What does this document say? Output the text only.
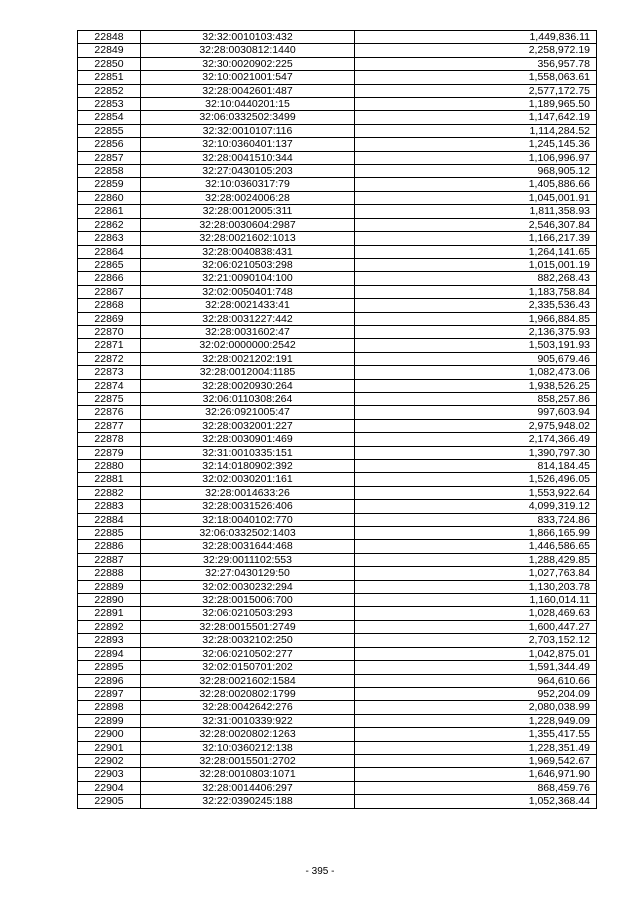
22848	32:32:0010103:432	1,449,836.11
22849	32:28:0030812:1440	2,258,972.19
22850	32:30:0020902:225	356,957.78
22851	32:10:0021001:547	1,558,063.61
22852	32:28:0042601:487	2,577,172.75
22853	32:10:0440201:15	1,189,965.50
22854	32:06:0332502:3499	1,147,642.19
22855	32:32:0010107:116	1,114,284.52
22856	32:10:0360401:137	1,245,145.36
22857	32:28:0041510:344	1,106,996.97
22858	32:27:0430105:203	968,905.12
22859	32:10:0360317:79	1,405,886.66
22860	32:28:0024006:28	1,045,001.91
22861	32:28:0012005:311	1,811,358.93
22862	32:28:0030604:2987	2,546,307.84
22863	32:28:0021602:1013	1,166,217.39
22864	32:28:0040838:431	1,264,141.65
22865	32:06:0210503:298	1,015,001.19
22866	32:21:0090104:100	882,268.43
22867	32:02:0050401:748	1,183,758.84
22868	32:28:0021433:41	2,335,536.43
22869	32:28:0031227:442	1,966,884.85
22870	32:28:0031602:47	2,136,375.93
22871	32:02:0000000:2542	1,503,191.93
22872	32:28:0021202:191	905,679.46
22873	32:28:0012004:1185	1,082,473.06
22874	32:28:0020930:264	1,938,526.25
22875	32:06:0110308:264	858,257.86
22876	32:26:0921005:47	997,603.94
22877	32:28:0032001:227	2,975,948.02
22878	32:28:0030901:469	2,174,366.49
22879	32:31:0010335:151	1,390,797.30
22880	32:14:0180902:392	814,184.45
22881	32:02:0030201:161	1,526,496.05
22882	32:28:0014633:26	1,553,922.64
22883	32:28:0031526:406	4,099,319.12
22884	32:18:0040102:770	833,724.86
22885	32:06:0332502:1403	1,866,165.99
22886	32:28:0031644:468	1,446,586.65
22887	32:29:0011102:553	1,288,429.85
22888	32:27:0430129:50	1,027,763.84
22889	32:02:0030232:294	1,130,203.78
22890	32:28:0015006:700	1,160,014.11
22891	32:06:0210503:293	1,028,469.63
22892	32:28:0015501:2749	1,600,447.27
22893	32:28:0032102:250	2,703,152.12
22894	32:06:0210502:277	1,042,875.01
22895	32:02:0150701:202	1,591,344.49
22896	32:28:0021602:1584	964,610.66
22897	32:28:0020802:1799	952,204.09
22898	32:28:0042642:276	2,080,038.99
22899	32:31:0010339:922	1,228,949.09
22900	32:28:0020802:1263	1,355,417.55
22901	32:10:0360212:138	1,228,351.49
22902	32:28:0015501:2702	1,969,542.67
22903	32:28:0010803:1071	1,646,971.90
22904	32:28:0014406:297	868,459.76
22905	32:22:0390245:188	1,052,368.44
- 395 -
